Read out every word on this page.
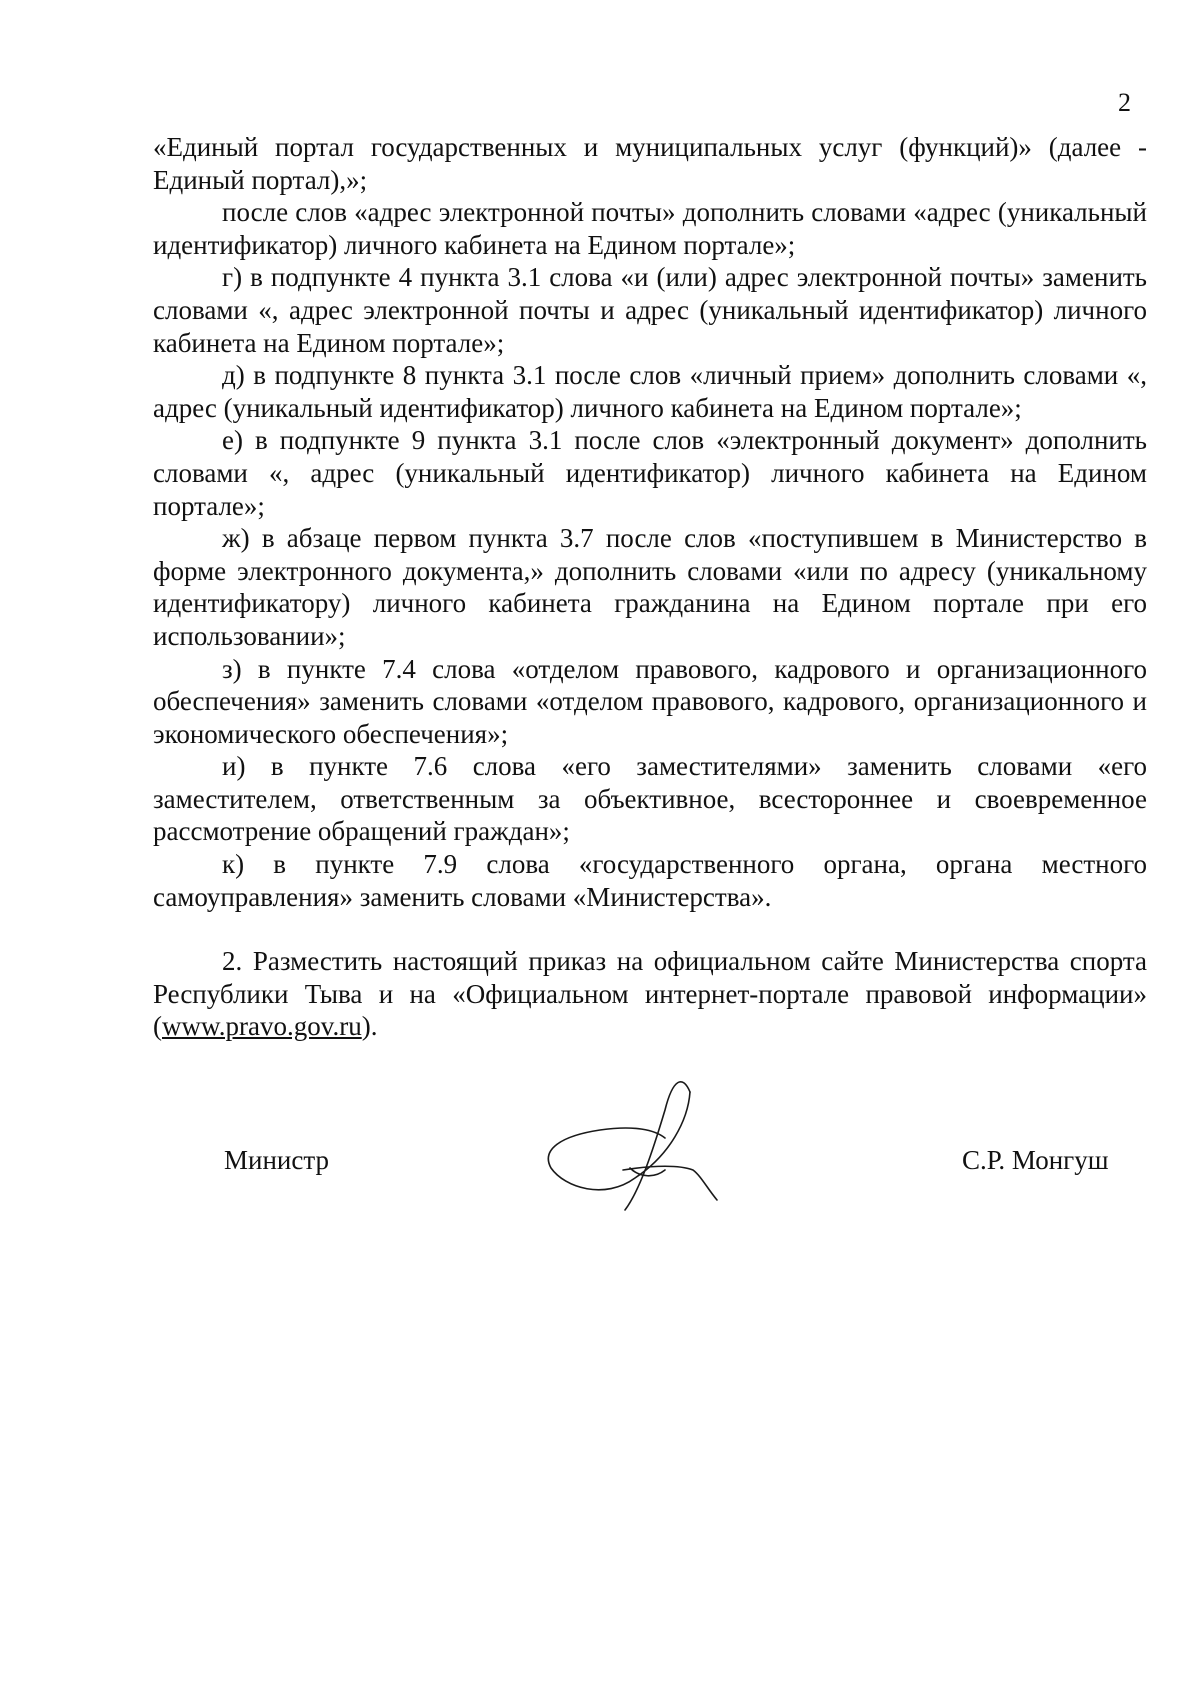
2

«Единый портал государственных и муниципальных услуг (функций)» (далее - Единый портал),»;

после слов «адрес электронной почты» дополнить словами «адрес (уникальный идентификатор) личного кабинета на Едином портале»;

г) в подпункте 4 пункта 3.1 слова «и (или) адрес электронной почты» заменить словами «, адрес электронной почты и адрес (уникальный идентификатор) личного кабинета на Едином портале»;

д) в подпункте 8 пункта 3.1 после слов «личный прием» дополнить словами «, адрес (уникальный идентификатор) личного кабинета на Едином портале»;

е) в подпункте 9 пункта 3.1 после слов «электронный документ» дополнить словами «, адрес (уникальный идентификатор) личного кабинета на Едином портале»;

ж) в абзаце первом пункта 3.7 после слов «поступившем в Министерство в форме электронного документа,» дополнить словами «или по адресу (уникальному идентификатору) личного кабинета гражданина на Едином портале при его использовании»;

з) в пункте 7.4 слова «отделом правового, кадрового и организационного обеспечения» заменить словами «отделом правового, кадрового, организационного и экономического обеспечения»;

и) в пункте 7.6 слова «его заместителями» заменить словами «его заместителем, ответственным за объективное, всестороннее и своевременное рассмотрение обращений граждан»;

к) в пункте 7.9 слова «государственного органа, органа местного самоуправления» заменить словами «Министерства».

2. Разместить настоящий приказ на официальном сайте Министерства спорта Республики Тыва и на «Официальном интернет-портале правовой информации» (www.pravo.gov.ru).

Министр	С.Р. Монгуш
